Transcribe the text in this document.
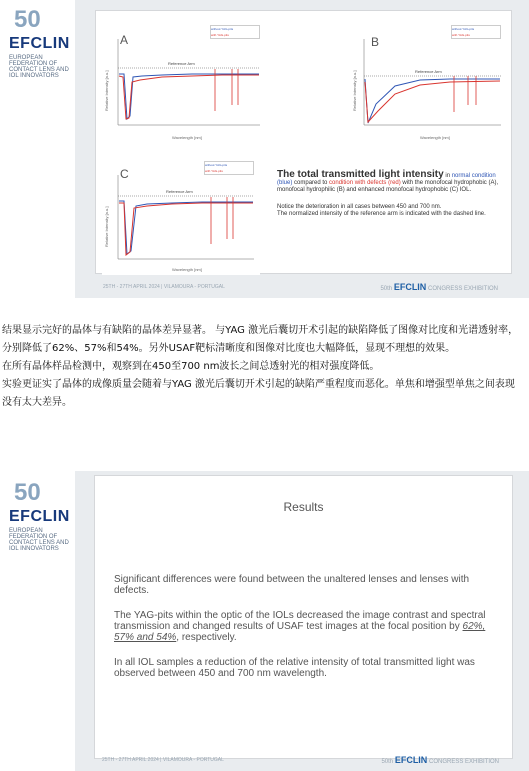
50
EFCLIN
EUROPEAN FEDERATION OF CONTACT LENS AND IOL INNOVATORS
A
without YAG-pits
with YAG-pits
Relative Intensity [a.u.]
Wavelength [nm]
Reference Arm
B
without YAG-pits
with YAG-pits
Relative Intensity [a.u.]
Wavelength [nm]
Reference Arm
C
without YAG-pits
with YAG-pits
Relative Intensity [a.u.]
Wavelength [nm]
Reference Arm
The total transmitted light intensity in normal condition (blue) compared to condition with defects (red) with the monofocal hydrophobic (A), monofocal hydrophilic (B) and enhanced monofocal hydrophobic (C) IOL.
Notice the deterioration in all cases between 450 and 700 nm.
The normalized intensity of the reference arm is indicated with the dashed line.
25TH - 27TH APRIL 2024 | VILAMOURA - PORTUGAL	50th EFCLIN CONGRESS EXHIBITION

结果显示完好的晶体与有缺陷的晶体差异显著。 与YAG 激光后囊切开术引起的缺陷降低了图像对比度和光谱透射率，分别降低了62%、57%和54%。另外USAF靶标清晰度和图像对比度也大幅降低，显现不理想的效果。

在所有晶体样品检测中，观察到在450至700 nm波长之间总透射光的相对强度降低。

实验更证实了晶体的成像质量会随着与YAG 激光后囊切开术引起的缺陷严重程度而恶化。单焦和增强型单焦之间表现没有太大差异。

50
EFCLIN
EUROPEAN FEDERATION OF CONTACT LENS AND IOL INNOVATORS
Results

Significant differences were found between the unaltered lenses and lenses with defects.

The YAG-pits within the optic of the IOLs decreased the image contrast and spectral transmission and changed results of USAF test images at the focal position by 62%, 57% and 54%, respectively.

In all IOL samples a reduction of the relative intensity of total transmitted light was observed between 450 and 700 nm wavelength.

25TH - 27TH APRIL 2024 | VILAMOURA - PORTUGAL	50th EFCLIN CONGRESS EXHIBITION
